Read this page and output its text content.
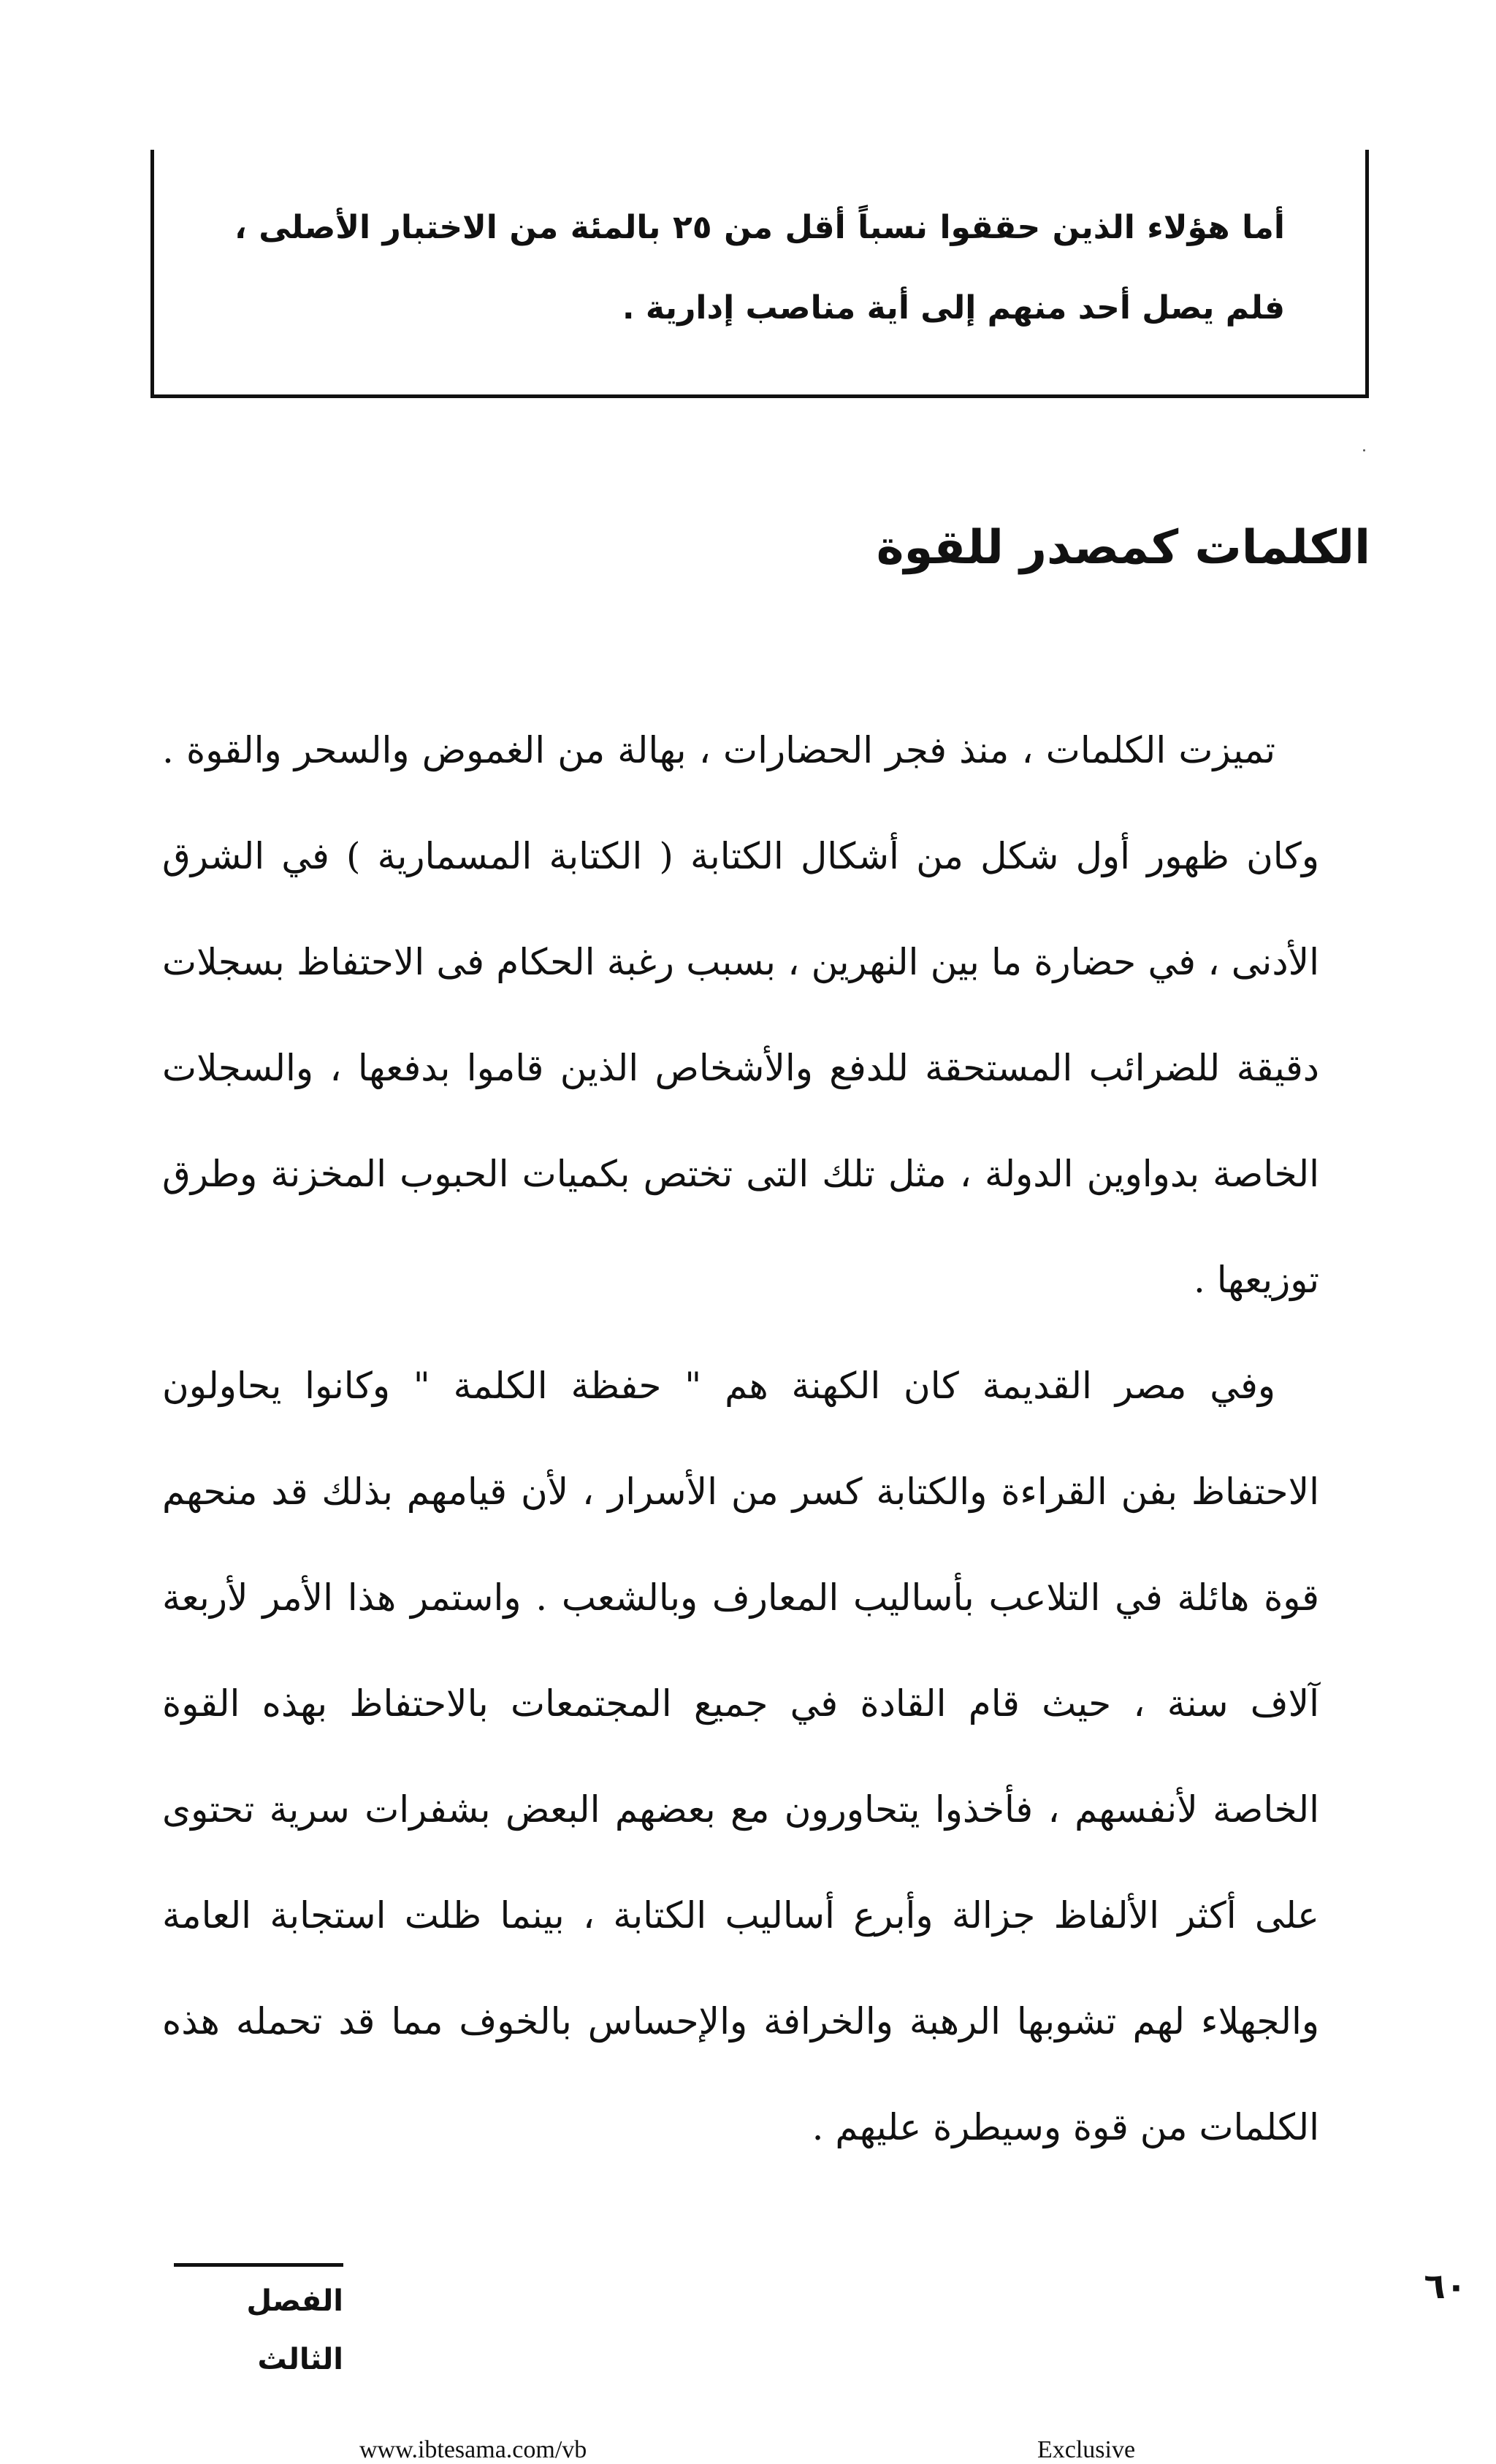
أما هؤلاء الذين حققوا نسباً أقل من ٢٥ بالمئة من الاختبار الأصلى ، فلم يصل أحد منهم إلى أية مناصب إدارية .
الكلمات كمصدر للقوة

تميزت الكلمات ، منذ فجر الحضارات ، بهالة من الغموض والسحر والقوة . وكان ظهور أول شكل من أشكال الكتابة ( الكتابة المسمارية ) في الشرق الأدنى ، في حضارة ما بين النهرين ، بسبب رغبة الحكام فى الاحتفاظ بسجلات دقيقة للضرائب المستحقة للدفع والأشخاص الذين قاموا بدفعها ، والسجلات الخاصة بدواوين الدولة ، مثل تلك التى تختص بكميات الحبوب المخزنة وطرق توزيعها .

وفي مصر القديمة كان الكهنة هم " حفظة الكلمة " وكانوا يحاولون الاحتفاظ بفن القراءة والكتابة كسر من الأسرار ، لأن قيامهم بذلك قد منحهم قوة هائلة في التلاعب بأساليب المعارف وبالشعب . واستمر هذا الأمر لأربعة آلاف سنة ، حيث قام القادة في جميع المجتمعات بالاحتفاظ بهذه القوة الخاصة لأنفسهم ، فأخذوا يتحاورون مع بعضهم البعض بشفرات سرية تحتوى على أكثر الألفاظ جزالة وأبرع أساليب الكتابة ، بينما ظلت استجابة العامة والجهلاء لهم تشوبها الرهبة والخرافة والإحساس بالخوف مما قد تحمله هذه الكلمات من قوة وسيطرة عليهم .

الفصل الثالث
٦٠
www.ibtesama.com/vb	Exclusive
